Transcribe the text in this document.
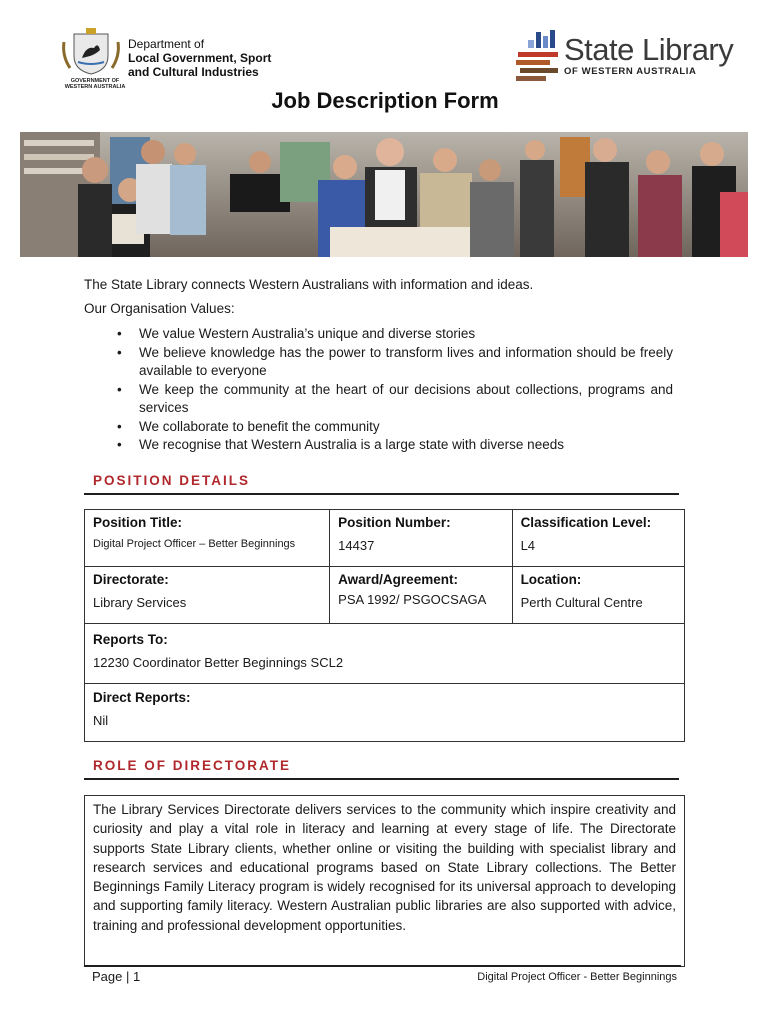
GOVERNMENT OF WESTERN AUSTRALIA
Department of
Local Government, Sport
and Cultural Industries
State Library
OF WESTERN AUSTRALIA
Job Description Form

The State Library connects Western Australians with information and ideas.

Our Organisation Values:

• We value Western Australia’s unique and diverse stories
• We believe knowledge has the power to transform lives and information should be freely available to everyone
• We keep the community at the heart of our decisions about collections, programs and services
• We collaborate to benefit the community
• We recognise that Western Australia is a large state with diverse needs
POSITION DETAILS
Position Title:
Digital Project Officer – Better Beginnings
Position Number:
14437
Classification Level:
L4
Directorate:
Library Services
Award/Agreement:
PSA 1992/ PSGOCSAGA
Location:
Perth Cultural Centre
Reports To:
12230 Coordinator Better Beginnings SCL2
Direct Reports:
Nil
ROLE OF DIRECTORATE
The Library Services Directorate delivers services to the community which inspire creativity and curiosity and play a vital role in literacy and learning at every stage of life. The Directorate supports State Library clients, whether online or visiting the building with specialist library and research services and educational programs based on State Library collections. The Better Beginnings Family Literacy program is widely recognised for its universal approach to developing and supporting family literacy. Western Australian public libraries are also supported with advice, training and professional development opportunities.
Page | 1	Digital Project Officer - Better Beginnings
